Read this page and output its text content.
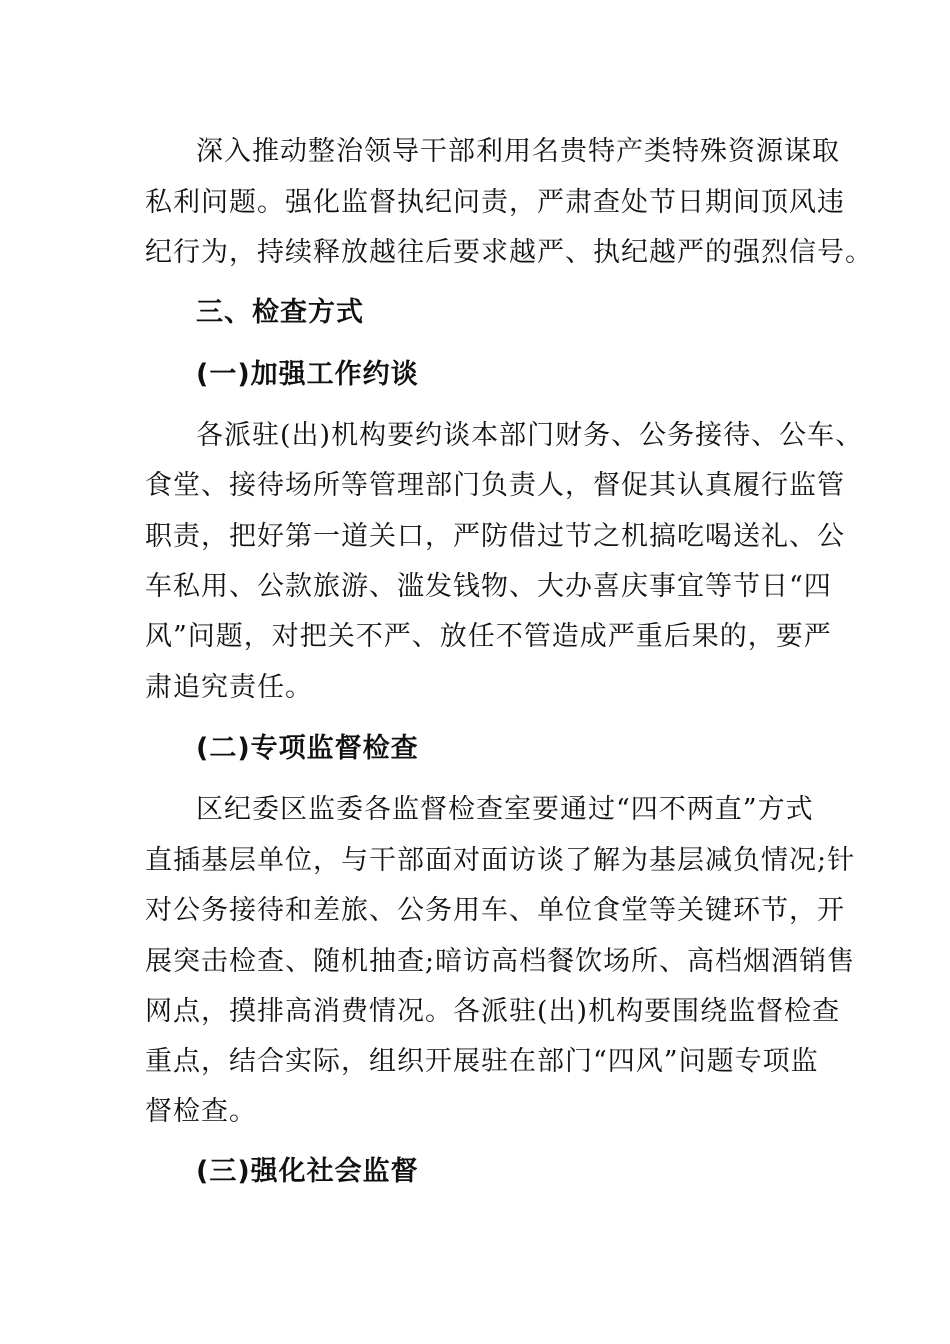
深入推动整治领导干部利用名贵特产类特殊资源谋取
私利问题。强化监督执纪问责，严肃查处节日期间顶风违
纪行为，持续释放越往后要求越严、执纪越严的强烈信号。
三、检查方式
(一)加强工作约谈
各派驻(出)机构要约谈本部门财务、公务接待、公车、
食堂、接待场所等管理部门负责人，督促其认真履行监管
职责，把好第一道关口，严防借过节之机搞吃喝送礼、公
车私用、公款旅游、滥发钱物、大办喜庆事宜等节日“四
风”问题，对把关不严、放任不管造成严重后果的，要严
肃追究责任。
(二)专项监督检查
区纪委区监委各监督检查室要通过“四不两直”方式
直插基层单位，与干部面对面访谈了解为基层减负情况;针
对公务接待和差旅、公务用车、单位食堂等关键环节，开
展突击检查、随机抽查;暗访高档餐饮场所、高档烟酒销售
网点，摸排高消费情况。各派驻(出)机构要围绕监督检查
重点，结合实际，组织开展驻在部门“四风”问题专项监
督检查。
(三)强化社会监督
